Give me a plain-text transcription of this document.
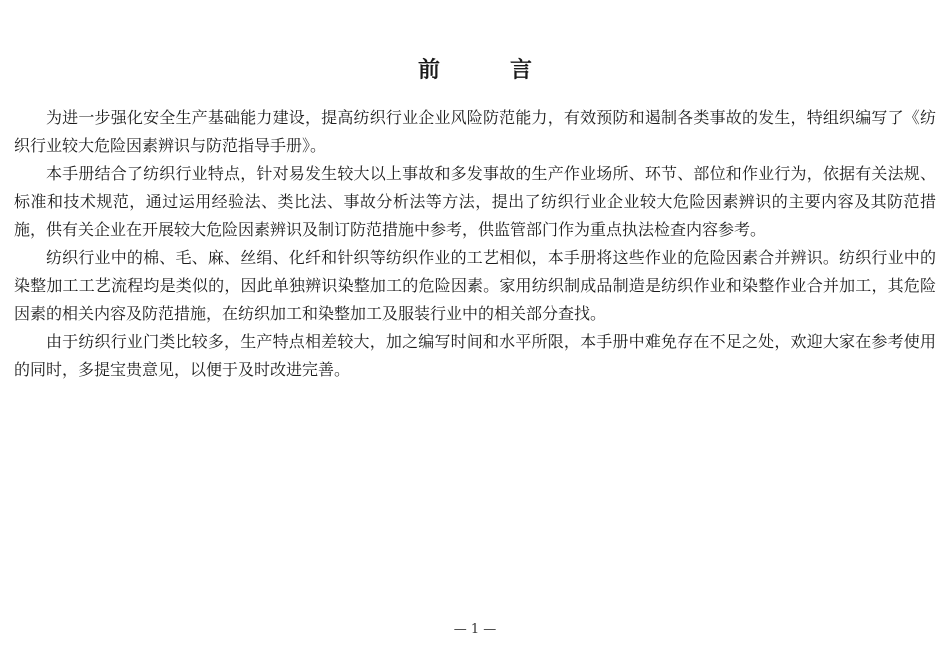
前　言

为进一步强化安全生产基础能力建设，提高纺织行业企业风险防范能力，有效预防和遏制各类事故的发生，特组织编写了《纺织行业较大危险因素辨识与防范指导手册》。

本手册结合了纺织行业特点，针对易发生较大以上事故和多发事故的生产作业场所、环节、部位和作业行为，依据有关法规、标准和技术规范，通过运用经验法、类比法、事故分析法等方法，提出了纺织行业企业较大危险因素辨识的主要内容及其防范措施，供有关企业在开展较大危险因素辨识及制订防范措施中参考，供监管部门作为重点执法检查内容参考。

纺织行业中的棉、毛、麻、丝绢、化纤和针织等纺织作业的工艺相似，本手册将这些作业的危险因素合并辨识。纺织行业中的染整加工工艺流程均是类似的，因此单独辨识染整加工的危险因素。家用纺织制成品制造是纺织作业和染整作业合并加工，其危险因素的相关内容及防范措施，在纺织加工和染整加工及服装行业中的相关部分查找。

由于纺织行业门类比较多，生产特点相差较大，加之编写时间和水平所限，本手册中难免存在不足之处，欢迎大家在参考使用的同时，多提宝贵意见，以便于及时改进完善。

— 1 —
